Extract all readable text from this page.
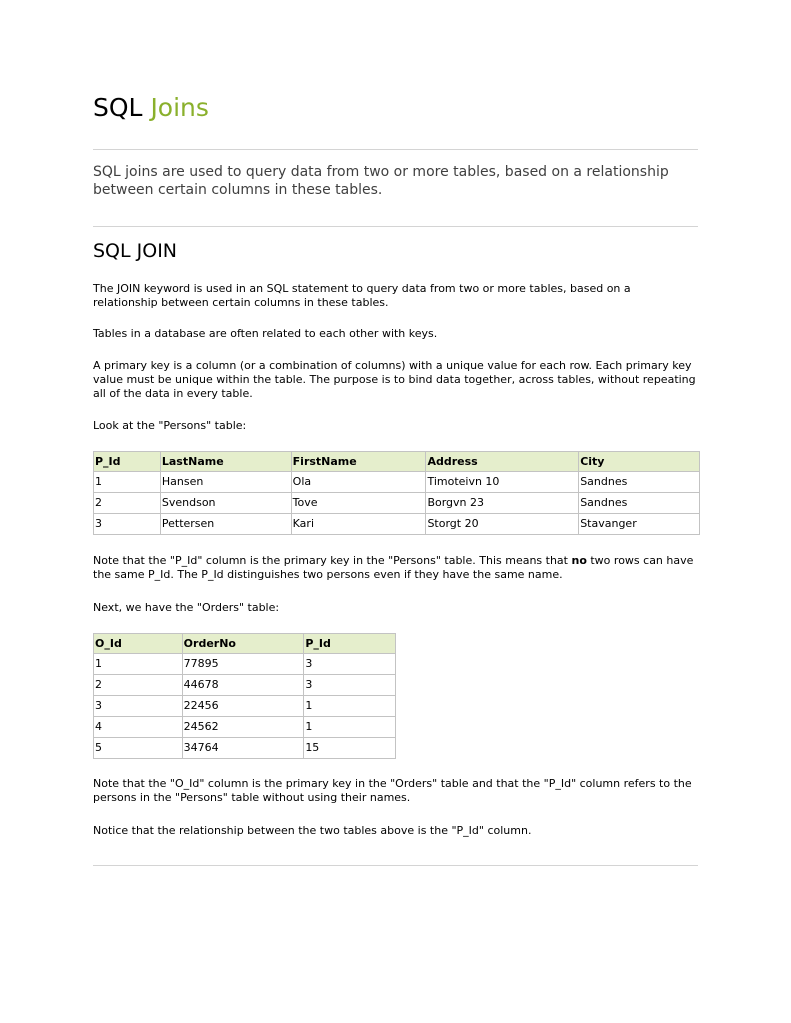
SQL Joins

SQL joins are used to query data from two or more tables, based on a relationship between certain columns in these tables.

SQL JOIN

The JOIN keyword is used in an SQL statement to query data from two or more tables, based on a relationship between certain columns in these tables.

Tables in a database are often related to each other with keys.

A primary key is a column (or a combination of columns) with a unique value for each row. Each primary key value must be unique within the table. The purpose is to bind data together, across tables, without repeating all of the data in every table.

Look at the "Persons" table:

P_Id	LastName	FirstName	Address	City
1	Hansen	Ola	Timoteivn 10	Sandnes
2	Svendson	Tove	Borgvn 23	Sandnes
3	Pettersen	Kari	Storgt 20	Stavanger

Note that the "P_Id" column is the primary key in the "Persons" table. This means that no two rows can have the same P_Id. The P_Id distinguishes two persons even if they have the same name.

Next, we have the "Orders" table:

O_Id	OrderNo	P_Id
1	77895	3
2	44678	3
3	22456	1
4	24562	1
5	34764	15

Note that the "O_Id" column is the primary key in the "Orders" table and that the "P_Id" column refers to the persons in the "Persons" table without using their names.

Notice that the relationship between the two tables above is the "P_Id" column.
